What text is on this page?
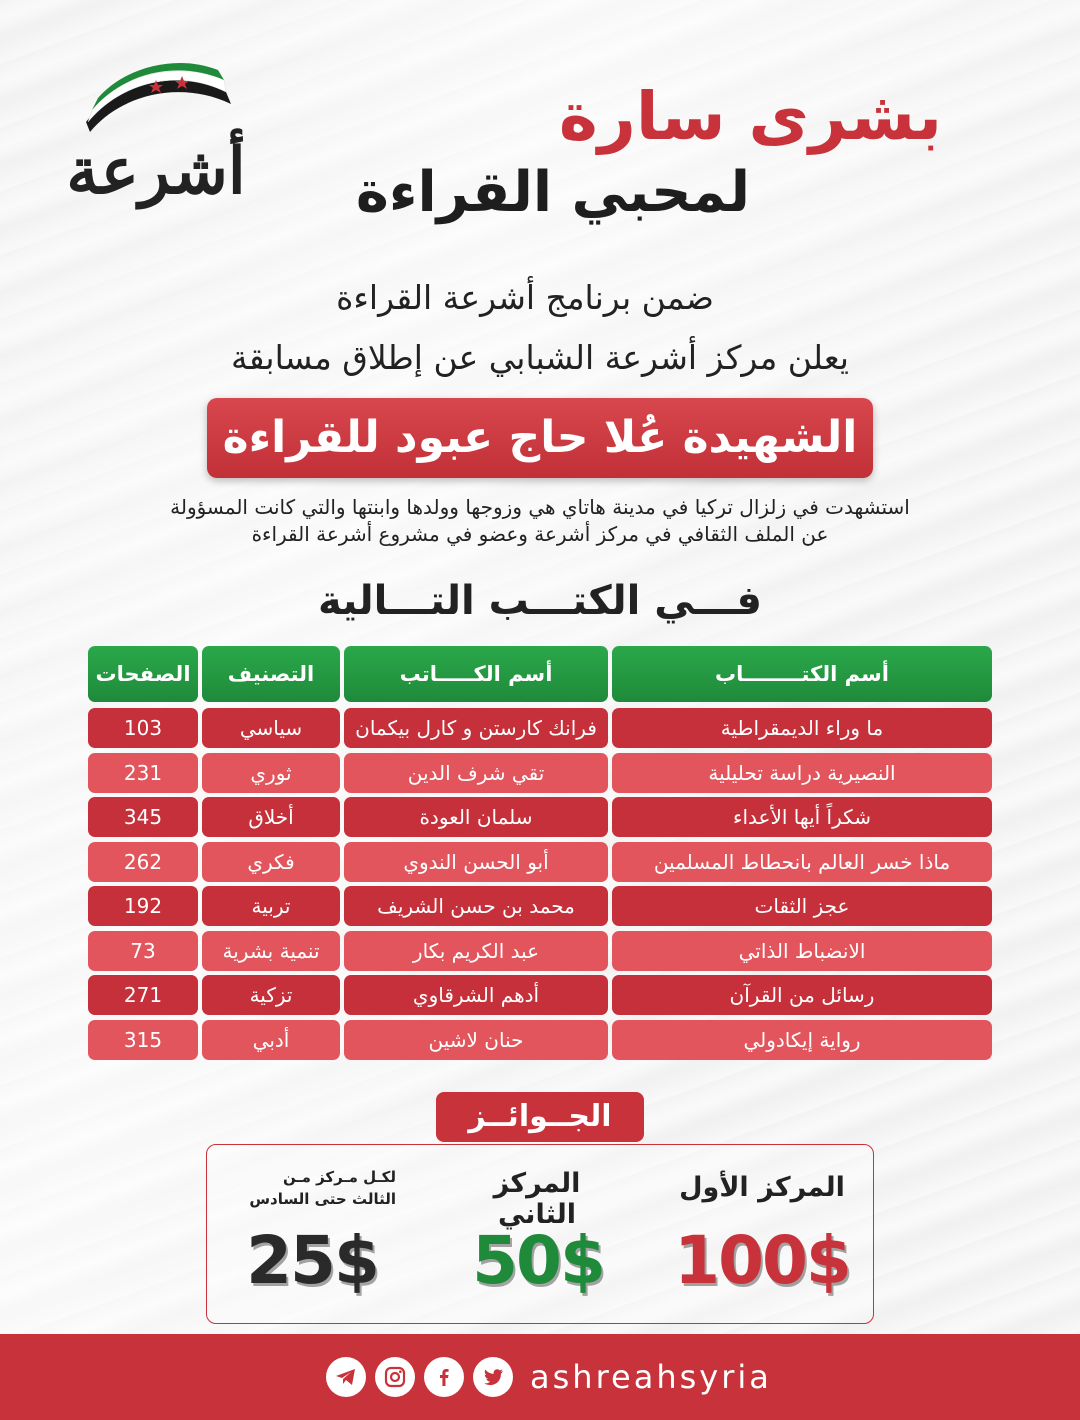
أشرعة
بشرى سارة
لمحبي القراءة
ضمن برنامج أشرعة القراءة
يعلن مركز أشرعة الشبابي عن إطلاق مسابقة
الشهيدة عُلا حاج عبود للقراءة
استشهدت في زلزال تركيا في مدينة هاتاي هي وزوجها وولدها وابنتها والتي كانت المسؤولة
عن الملف الثقافي في مركز أشرعة وعضو في مشروع أشرعة القراءة
فـــي الكتـــب التـــالية
أسم الكتــــــــاب
أسم الكـــــاتب
التصنيف
الصفحات
ما وراء الديمقراطية
فرانك كارستن و كارل بيكمان
سياسي
103
النصيرية دراسة تحليلية
تقي شرف الدين
ثوري
231
شكراً أيها الأعداء
سلمان العودة
أخلاق
345
ماذا خسر العالم بانحطاط المسلمين
أبو الحسن الندوي
فكري
262
عجز الثقات
محمد بن حسن الشريف
تربية
192
الانضباط الذاتي
عبد الكريم بكار
تنمية بشرية
73
رسائل من القرآن
أدهم الشرقاوي
تزكية
271
رواية إيكادولي
حنان لاشين
أدبي
315
الجــوائــز
المركز الأول
100$
المركز الثاني
50$
لكـل مـركز مـن
الثالث حتى السادس
25$
ashreahsyria
